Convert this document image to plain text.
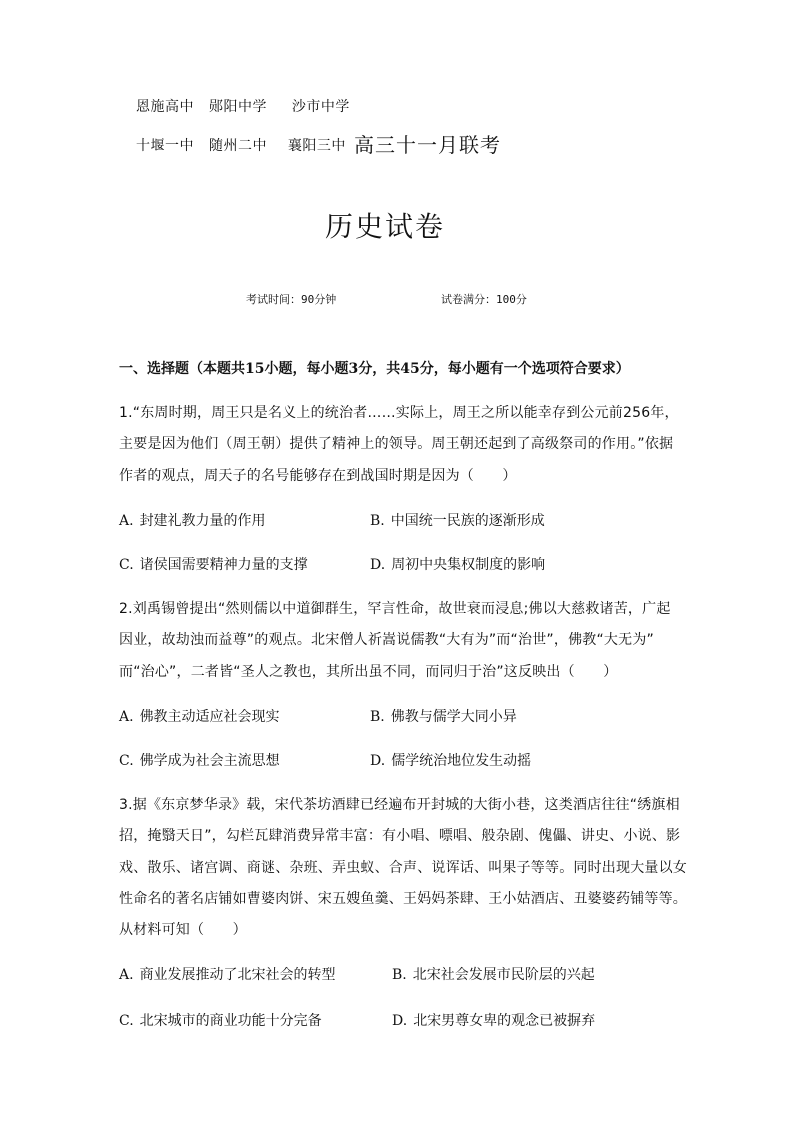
恩施高中 郧阳中学 沙市中学
十堰一中 随州二中 襄阳三中 高三十一月联考
历史试卷
考试时间：90分钟	试卷满分：100分
一、选择题（本题共15小题，每小题3分，共45分，每小题有一个选项符合要求）
1.“东周时期，周王只是名义上的统治者……实际上，周王之所以能幸存到公元前256年，
主要是因为他们（周王朝）提供了精神上的领导。周王朝还起到了高级祭司的作用。”依据
作者的观点，周天子的名号能够存在到战国时期是因为（　　）
A. 封建礼教力量的作用	B. 中国统一民族的逐渐形成
C. 诸侯国需要精神力量的支撑	D. 周初中央集权制度的影响
2.刘禹锡曾提出“然则儒以中道御群生，罕言性命，故世衰而浸息;佛以大慈救诸苦，广起
因业，故劫浊而益尊”的观点。北宋僧人祈嵩说儒教“大有为”而“治世”，佛教“大无为”
而“治心”，二者皆“圣人之教也，其所出虽不同，而同归于治”这反映出（　　）
A. 佛教主动适应社会现实	B. 佛教与儒学大同小异
C. 佛学成为社会主流思想	D. 儒学统治地位发生动摇
3.据《东京梦华录》载，宋代茶坊酒肆已经遍布开封城的大街小巷，这类酒店往往“绣旗相
招，掩翳天日”，勾栏瓦肆消费异常丰富：有小唱、嘌唱、般杂剧、傀儡、讲史、小说、影
戏、散乐、诸宫调、商谜、杂班、弄虫蚁、合声、说诨话、叫果子等等。同时出现大量以女
性命名的著名店铺如曹婆肉饼、宋五嫂鱼羹、王妈妈茶肆、王小姑酒店、丑婆婆药铺等等。
从材料可知（　　）
A. 商业发展推动了北宋社会的转型	B. 北宋社会发展市民阶层的兴起
C. 北宋城市的商业功能十分完备	D. 北宋男尊女卑的观念已被摒弃
